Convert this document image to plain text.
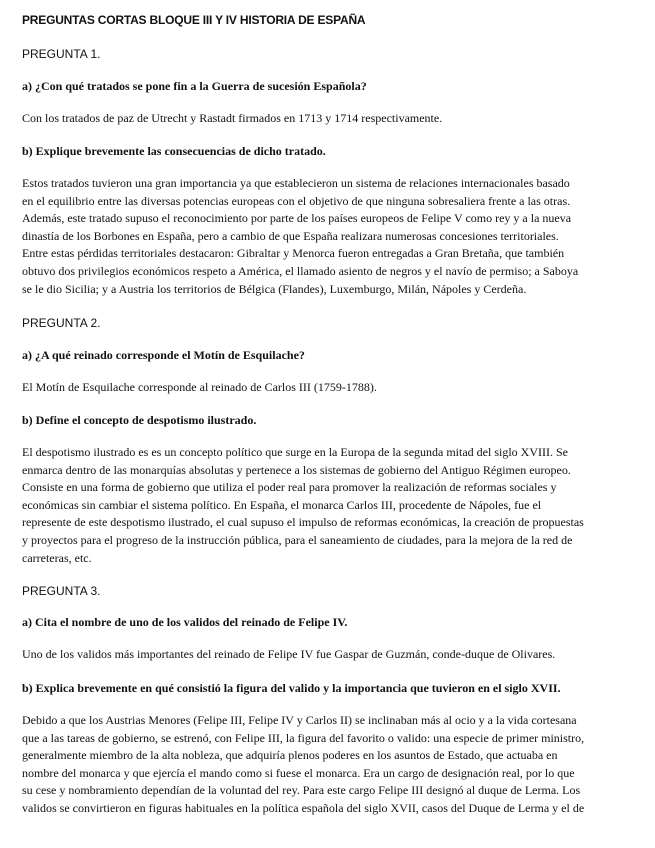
PREGUNTAS CORTAS BLOQUE III Y IV HISTORIA DE ESPAÑA
PREGUNTA 1.
a) ¿Con qué tratados se pone fin a la Guerra de sucesión Española?
Con los tratados de paz de Utrecht y Rastadt firmados en 1713 y 1714 respectivamente.
b) Explique brevemente las consecuencias de dicho tratado.
Estos tratados tuvieron una gran importancia ya que establecieron un sistema de relaciones internacionales basado
en el equilibrio entre las diversas potencias europeas con el objetivo de que ninguna sobresaliera frente a las otras.
Además, este tratado supuso el reconocimiento por parte de los países europeos de Felipe V como rey y a la nueva
dinastía de los Borbones en España, pero a cambio de que España realizara numerosas concesiones territoriales.
Entre estas pérdidas territoriales destacaron: Gibraltar y Menorca fueron entregadas a Gran Bretaña, que también
obtuvo dos privilegios económicos respeto a América, el llamado asiento de negros y el navío de permiso; a Saboya
se le dio Sicilia; y a Austria los territorios de Bélgica (Flandes), Luxemburgo, Milán, Nápoles y Cerdeña.
PREGUNTA 2.
a) ¿A qué reinado corresponde el Motín de Esquilache?
El Motín de Esquilache corresponde al reinado de Carlos III (1759-1788).
b) Define el concepto de despotismo ilustrado.
El despotismo ilustrado es es un concepto político que surge en la Europa de la segunda mitad del siglo XVIII. Se
enmarca dentro de las monarquías absolutas y pertenece a los sistemas de gobierno del Antiguo Régimen europeo.
Consiste en una forma de gobierno que utiliza el poder real para promover la realización de reformas sociales y
económicas sin cambiar el sistema político. En España, el monarca Carlos III, procedente de Nápoles, fue el
represente de este despotismo ilustrado, el cual supuso el impulso de reformas económicas, la creación de propuestas
y proyectos para el progreso de la instrucción pública, para el saneamiento de ciudades, para la mejora de la red de
carreteras, etc.
PREGUNTA 3.
a) Cita el nombre de uno de los validos del reinado de Felipe IV.
Uno de los validos más importantes del reinado de Felipe IV fue Gaspar de Guzmán, conde-duque de Olivares.
b) Explica brevemente en qué consistió la figura del valido y la importancia que tuvieron en el siglo XVII.
Debido a que los Austrias Menores (Felipe III, Felipe IV y Carlos II) se inclinaban más al ocio y a la vida cortesana
que a las tareas de gobierno, se estrenó, con Felipe III, la figura del favorito o valido: una especie de primer ministro,
generalmente miembro de la alta nobleza, que adquiría plenos poderes en los asuntos de Estado, que actuaba en
nombre del monarca y que ejercía el mando como si fuese el monarca. Era un cargo de designación real, por lo que
su cese y nombramiento dependían de la voluntad del rey. Para este cargo Felipe III designó al duque de Lerma. Los
validos se convirtieron en figuras habituales en la política española del siglo XVII, casos del Duque de Lerma y el de
